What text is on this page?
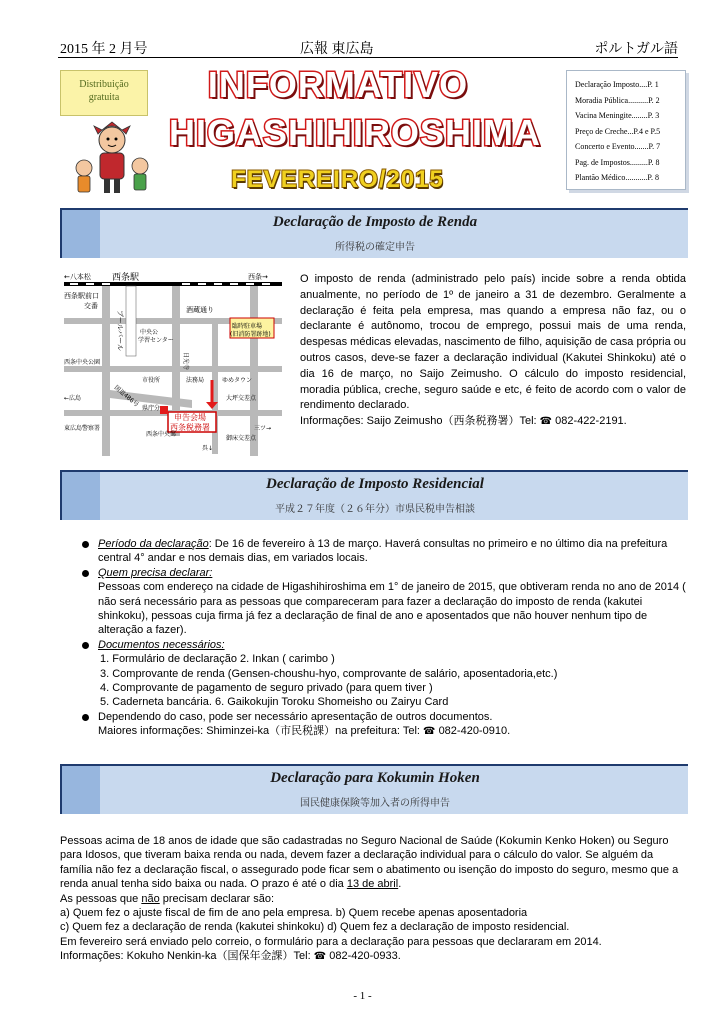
2015 年 2 月号	広報 東広島	ポルトガル語
Distribuição
gratuita	INFORMATIVO
HIGASHIHIROSHIMA
FEVEREIRO/2015
Declaração Imposto....P. 1
Moradia Pública..........P. 2
Vacina Meningite........P. 3
Preço de Creche...P.4 e P.5
Concerto e Evento.......P. 7
Pag. de Impostos.........P. 8
Plantão Médico...........P. 8
Declaração de Imposto de Renda
所得税の確定申告
←八本松 西条駅	西条→
西条駅前口
交番	酒蔵通り
臨時駐車場
(旧消防署跡地)
中央公
学習センター
ブールバール
日光寺
西条中央公園
市役所	法務局	ゆめタウン
←広島	国道486号
県庁分
申告会場
西条税務署
大坪交差点
東広島警察署
西条中央郵
三ツ→
御床交差点
呉↓
O imposto de renda (administrado pelo país) incide sobre a renda obtida anualmente, no período de 1º de janeiro a 31 de dezembro. Geralmente a declaração é feita pela empresa, mas quando a empresa não faz, ou o declarante é autônomo, trocou de emprego, possui mais de uma renda, despesas médicas elevadas, nascimento de filho, aquisição de casa própria ou outros casos, deve-se fazer a declaração individual (Kakutei Shinkoku) até o dia 16 de março, no Saijo Zeimusho. O cálculo do imposto residencial, moradia pública, creche, seguro saúde e etc, é feito de acordo com o valor de rendimento declarado.
Informações: Saijo Zeimusho（西条税務署）Tel: ☎ 082-422-2191.
Declaração de Imposto Residencial
平成２７年度（２６年分）市県民税申告相談
Período da declaração: De 16 de fevereiro à 13 de março. Haverá consultas no primeiro e no último dia na prefeitura central 4° andar e nos demais dias, em variados locais.
Quem precisa declarar:
Pessoas com endereço na cidade de Higashihiroshima em 1° de janeiro de 2015, que obtiveram renda no ano de 2014 ( não será necessário para as pessoas que compareceram para fazer a declaração do imposto de renda (kakutei shinkoku), pessoas cuja firma já fez a declaração de final de ano e aposentados que não houver nenhum tipo de alteração a fazer).
Documentos necessários:
1. Formulário de declaração 2. Inkan ( carimbo )
3. Comprovante de renda (Gensen-choushu-hyo, comprovante de salário, aposentadoria,etc.)
4. Comprovante de pagamento de seguro privado (para quem tiver )
5. Caderneta bancária. 6. Gaikokujin Toroku Shomeisho ou Zairyu Card
Dependendo do caso, pode ser necessário apresentação de outros documentos.
Maiores informações: Shiminzei-ka（市民税課）na prefeitura: Tel: ☎ 082-420-0910.
Declaração para Kokumin Hoken
国民健康保険等加入者の所得申告
Pessoas acima de 18 anos de idade que são cadastradas no Seguro Nacional de Saúde (Kokumin Kenko Hoken) ou Seguro para Idosos, que tiveram baixa renda ou nada, devem fazer a declaração individual para o cálculo do valor. Se alguém da família não fez a declaração fiscal, o assegurado pode ficar sem o abatimento ou isenção do imposto do seguro, mesmo que a renda anual tenha sido baixa ou nada. O prazo é até o dia 13 de abril.
As pessoas que não precisam declarar são:
a) Quem fez o ajuste fiscal de fim de ano pela empresa. b) Quem recebe apenas aposentadoria
c) Quem fez a declaração de renda (kakutei shinkoku) d) Quem fez a declaração de imposto residencial.
Em fevereiro será enviado pelo correio, o formulário para a declaração para pessoas que declararam em 2014.
Informações: Kokuho Nenkin-ka（国保年金課）Tel: ☎ 082-420-0933.
- 1 -
